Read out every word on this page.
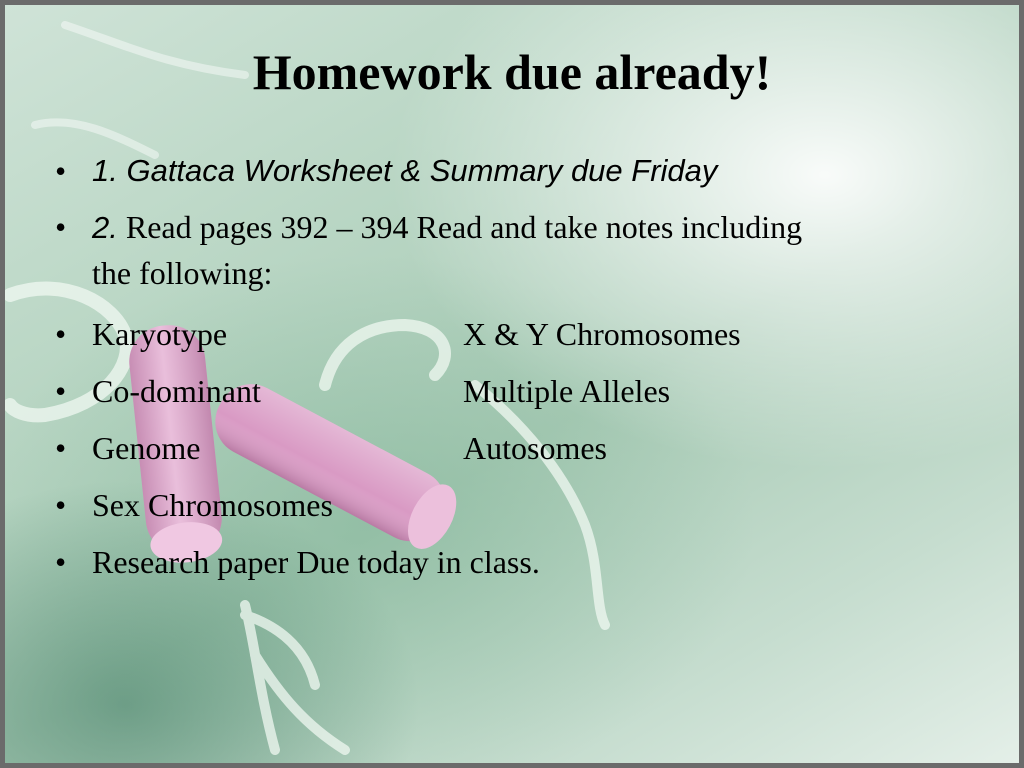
Homework due already!
• 1. Gattaca Worksheet & Summary due Friday
• 2. Read pages 392 – 394 Read and take notes including
the following:
• Karyotype	X & Y Chromosomes
• Co-dominant	Multiple Alleles
• Genome	Autosomes
• Sex Chromosomes
• Research paper Due today in class.
